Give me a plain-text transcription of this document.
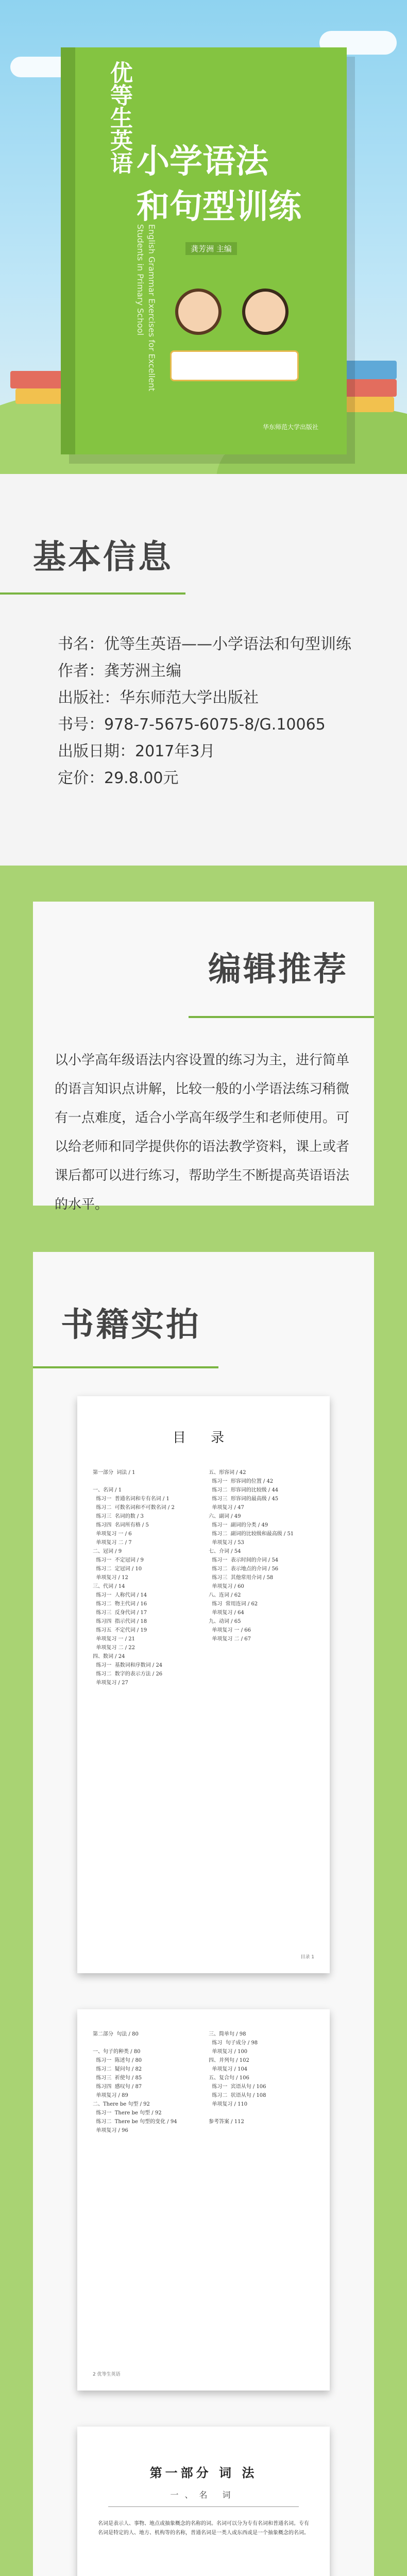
优等生英语 小学语法
和句型训练
English Grammar Exercises for Excellent Students in Primary School	龚芳洲 主编
华东师范大学出版社
基本信息
书名：优等生英语——小学语法和句型训练
作者：龚芳洲主编
出版社：华东师范大学出版社
书号：978-7-5675-6075-8/G.10065
出版日期：2017年3月
定价：29.8.00元
编辑推荐
以小学高年级语法内容设置的练习为主，进行简单的语言知识点讲解，比较一般的小学语法练习稍微有一点难度，适合小学高年级学生和老师使用。可以给老师和同学提供你的语法教学资料，课上或者课后都可以进行练习，帮助学生不断提高英语语法的水平。
书籍实拍
目 录
第一部分  词法 / 1

一、名词 / 1
练习一  普通名词和专有名词 / 1
练习二  可数名词和不可数名词 / 2
练习三  名词的数 / 3
练习四  名词所有格 / 5
单项复习 一 / 6
单项复习 二 / 7
二、冠词 / 9
练习一  不定冠词 / 9
练习二  定冠词 / 10
单项复习 / 12
三、代词 / 14
练习一  人称代词 / 14
练习二  物主代词 / 16
练习三  反身代词 / 17
练习四  指示代词 / 18
练习五  不定代词 / 19
单项复习 一 / 21
单项复习 二 / 22
四、数词 / 24
练习一  基数词和序数词 / 24
练习二  数字的表示方法 / 26
单项复习 / 27
五、形容词 / 42
练习一  形容词的位置 / 42
练习二  形容词的比较级 / 44
练习三  形容词的最高级 / 45
单项复习 / 47
六、副词 / 49
练习一  副词的分类 / 49
练习二  副词的比较级和最高级 / 51
单项复习 / 53
七、介词 / 54
练习一  表示时间的介词 / 54
练习二  表示地点的介词 / 56
练习三  其他常用介词 / 58
单项复习 / 60
八、连词 / 62
练习  常用连词 / 62
单项复习 / 64
九、动词 / 65
单项复习 一 / 66
单项复习 二 / 67
目录 1
第二部分  句法 / 80

一、句子的种类 / 80
练习一  陈述句 / 80
练习二  疑问句 / 82
练习三  祈使句 / 85
练习四  感叹句 / 87
单项复习 / 89
二、There be 句型 / 92
练习一  There be 句型 / 92
练习二  There be 句型的变化 / 94
单项复习 / 96
三、简单句 / 98
练习  句子成分 / 98
单项复习 / 100
四、并列句 / 102
单项复习 / 104
五、复合句 / 106
练习一  宾语从句 / 106
练习二  状语从句 / 108
单项复习 / 110

参考答案 / 112
2 优等生英语
第一部分 词 法
一、名 词
名词是表示人、事物、地点或抽象概念的名称的词。名词可以分为专有名词和普通名词。专有名词是特定的人、地方、机构等的名称，普通名词是一类人或东西或是一个抽象概念的名词。
